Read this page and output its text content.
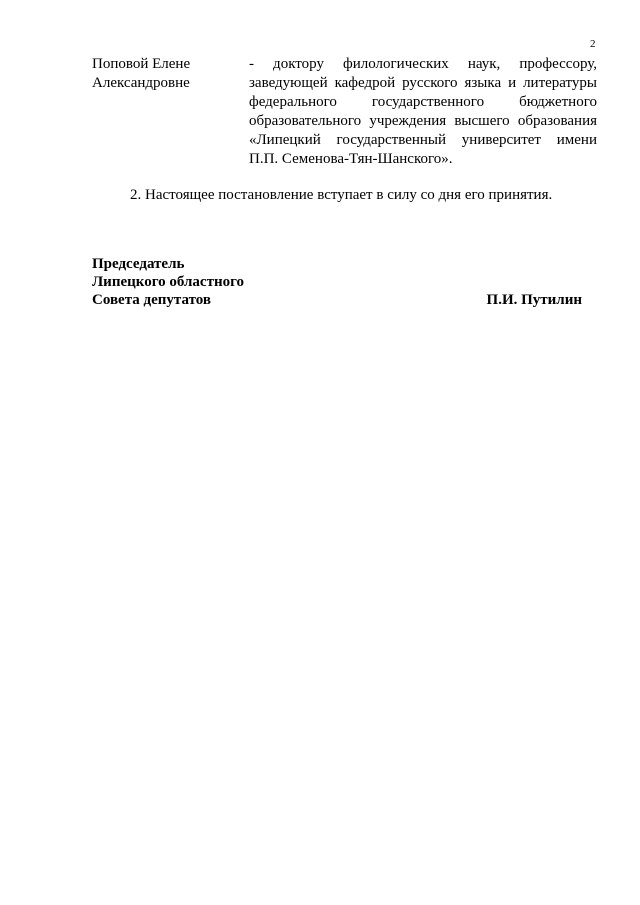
2
Поповой Елене
Александровне
- доктору филологических наук, профессору,
заведующей кафедрой русского языка и литературы
федерального государственного бюджетного
образовательного учреждения высшего образования
«Липецкий государственный университет имени
П.П. Семенова-Тян-Шанского».
2. Настоящее постановление вступает в силу со дня его принятия.
Председатель
Липецкого областного
Совета депутатов	П.И. Путилин
